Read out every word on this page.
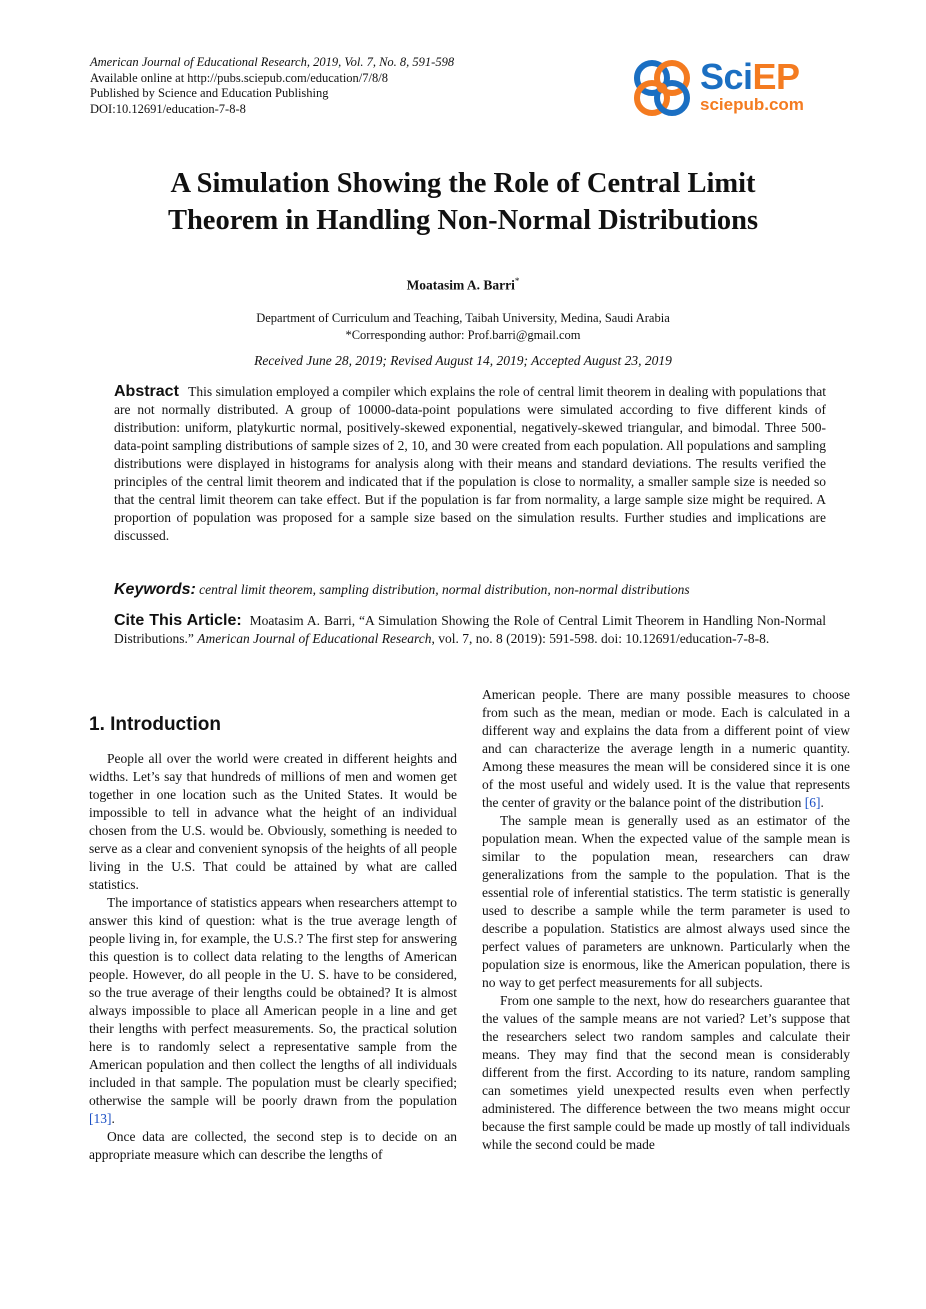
American Journal of Educational Research, 2019, Vol. 7, No. 8, 591-598
Available online at http://pubs.sciepub.com/education/7/8/8
Published by Science and Education Publishing
DOI:10.12691/education-7-8-8
SciEP
sciepub.com
A Simulation Showing the Role of Central Limit
Theorem in Handling Non-Normal Distributions
Moatasim A. Barri*
Department of Curriculum and Teaching, Taibah University, Medina, Saudi Arabia
*Corresponding author: Prof.barri@gmail.com
Received June 28, 2019; Revised August 14, 2019; Accepted August 23, 2019
Abstract This simulation employed a compiler which explains the role of central limit theorem in dealing with populations that are not normally distributed. A group of 10000-data-point populations were simulated according to five different kinds of distribution: uniform, platykurtic normal, positively-skewed exponential, negatively-skewed triangular, and bimodal. Three 500-data-point sampling distributions of sample sizes of 2, 10, and 30 were created from each population. All populations and sampling distributions were displayed in histograms for analysis along with their means and standard deviations. The results verified the principles of the central limit theorem and indicated that if the population is close to normality, a smaller sample size is needed so that the central limit theorem can take effect. But if the population is far from normality, a large sample size might be required. A proportion of population was proposed for a sample size based on the simulation results. Further studies and implications are discussed.
Keywords: central limit theorem, sampling distribution, normal distribution, non-normal distributions
Cite This Article: Moatasim A. Barri, “A Simulation Showing the Role of Central Limit Theorem in Handling Non-Normal Distributions.” American Journal of Educational Research, vol. 7, no. 8 (2019): 591-598. doi: 10.12691/education-7-8-8.
1. Introduction

People all over the world were created in different heights and widths. Let’s say that hundreds of millions of men and women get together in one location such as the United States. It would be impossible to tell in advance what the height of an individual chosen from the U.S. would be. Obviously, something is needed to serve as a clear and convenient synopsis of the heights of all people living in the U.S. That could be attained by what are called statistics.

The importance of statistics appears when researchers attempt to answer this kind of question: what is the true average length of people living in, for example, the U.S.? The first step for answering this question is to collect data relating to the lengths of American people. However, do all people in the U. S. have to be considered, so the true average of their lengths could be obtained? It is almost always impossible to place all American people in a line and get their lengths with perfect measurements. So, the practical solution here is to randomly select a representative sample from the American population and then collect the lengths of all individuals included in that sample. The population must be clearly specified; otherwise the sample will be poorly drawn from the population [13].

Once data are collected, the second step is to decide on an appropriate measure which can describe the lengths of

American people. There are many possible measures to choose from such as the mean, median or mode. Each is calculated in a different way and explains the data from a different point of view and can characterize the average length in a numeric quantity. Among these measures the mean will be considered since it is one of the most useful and widely used. It is the value that represents the center of gravity or the balance point of the distribution [6].

The sample mean is generally used as an estimator of the population mean. When the expected value of the sample mean is similar to the population mean, researchers can draw generalizations from the sample to the population. That is the essential role of inferential statistics. The term statistic is generally used to describe a sample while the term parameter is used to describe a population. Statistics are almost always used since the perfect values of parameters are unknown. Particularly when the population size is enormous, like the American population, there is no way to get perfect measurements for all subjects.

From one sample to the next, how do researchers guarantee that the values of the sample means are not varied? Let’s suppose that the researchers select two random samples and calculate their means. They may find that the second mean is considerably different from the first. According to its nature, random sampling can sometimes yield unexpected results even when perfectly administered. The difference between the two means might occur because the first sample could be made up mostly of tall individuals while the second could be made
